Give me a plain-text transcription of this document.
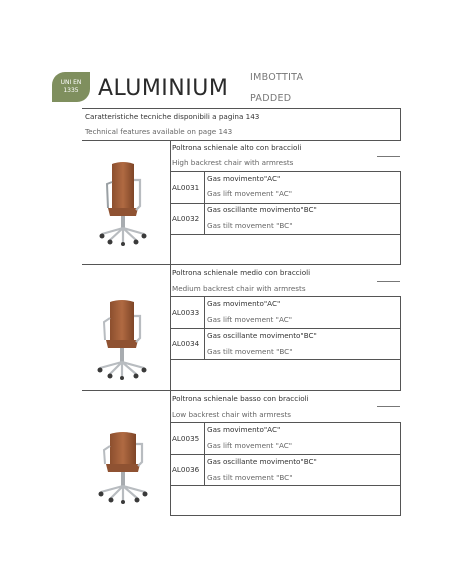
UNI EN
1335 ALUMINIUM IMBOTTITA
PADDED
Caratteristiche tecniche disponibili a pagina 143
Technical features available on page 143
Poltrona schienale alto con braccioli
High backrest chair with armrests
AL0031
Gas movimento"AC"
Gas lift movement "AC"
AL0032
Gas oscillante movimento"BC"
Gas tilt movement "BC"
Poltrona schienale medio con braccioli
Medium backrest chair with armrests
AL0033
Gas movimento"AC"
Gas lift movement "AC"
AL0034
Gas oscillante movimento"BC"
Gas tilt movement "BC"
Poltrona schienale basso con braccioli
Low backrest chair with armrests
AL0035
Gas movimento"AC"
Gas lift movement "AC"
AL0036
Gas oscillante movimento"BC"
Gas tilt movement "BC"
